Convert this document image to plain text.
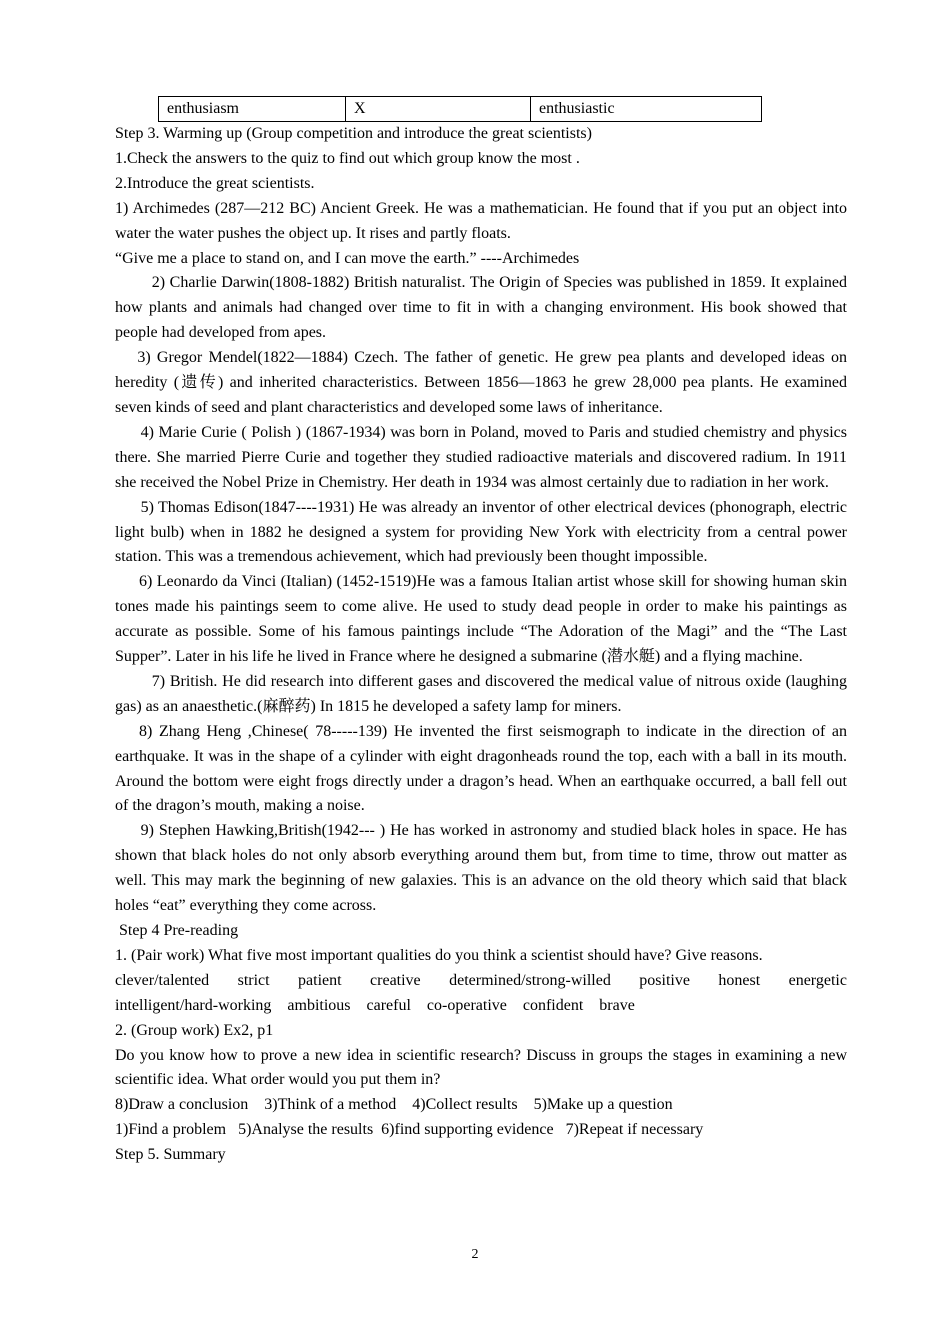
enthusiasm	X	enthusiastic

Step 3. Warming up (Group competition and introduce the great scientists)

1.Check the answers to the quiz to find out which group know the most .

2.Introduce the great scientists.

1) Archimedes (287—212 BC) Ancient Greek. He was a mathematician. He found that if you put an object into water the water pushes the object up. It rises and partly floats.

“Give me a place to stand on, and I can move the earth.” ----Archimedes

2) Charlie Darwin(1808-1882) British naturalist. The Origin of Species was published in 1859. It explained how plants and animals had changed over time to fit in with a changing environment. His book showed that people had developed from apes.

3) Gregor Mendel(1822—1884) Czech. The father of genetic. He grew pea plants and developed ideas on heredity (遗传) and inherited characteristics. Between 1856—1863 he grew 28,000 pea plants. He examined seven kinds of seed and plant characteristics and developed some laws of inheritance.

4) Marie Curie ( Polish ) (1867-1934) was born in Poland, moved to Paris and studied chemistry and physics there. She married Pierre Curie and together they studied radioactive materials and discovered radium. In 1911 she received the Nobel Prize in Chemistry. Her death in 1934 was almost certainly due to radiation in her work.

5) Thomas Edison(1847----1931) He was already an inventor of other electrical devices (phonograph, electric light bulb) when in 1882 he designed a system for providing New York with electricity from a central power station. This was a tremendous achievement, which had previously been thought impossible.

6) Leonardo da Vinci (Italian) (1452-1519)He was a famous Italian artist whose skill for showing human skin tones made his paintings seem to come alive. He used to study dead people in order to make his paintings as accurate as possible. Some of his famous paintings include “The Adoration of the Magi” and the “The Last Supper”. Later in his life he lived in France where he designed a submarine (潜水艇) and a flying machine.

7) British. He did research into different gases and discovered the medical value of nitrous oxide (laughing gas) as an anaesthetic.(麻醉药) In 1815 he developed a safety lamp for miners.

8) Zhang Heng ,Chinese( 78-----139) He invented the first seismograph to indicate in the direction of an earthquake. It was in the shape of a cylinder with eight dragonheads round the top, each with a ball in its mouth. Around the bottom were eight frogs directly under a dragon’s head. When an earthquake occurred, a ball fell out of the dragon’s mouth, making a noise.

9) Stephen Hawking,British(1942--- ) He has worked in astronomy and studied black holes in space. He has shown that black holes do not only absorb everything around them but, from time to time, throw out matter as well. This may mark the beginning of new galaxies. This is an advance on the old theory which said that black holes “eat” everything they come across.

Step 4 Pre-reading

1. (Pair work) What five most important qualities do you think a scientist should have? Give reasons.

clever/talented strict patient creative determined/strong-willed positive honest energetic

intelligent/hard-working ambitious careful co-operative confident brave

2. (Group work) Ex2, p1

Do you know how to prove a new idea in scientific research? Discuss in groups the stages in examining a new scientific idea. What order would you put them in?

8)Draw a conclusion 3)Think of a method 4)Collect results 5)Make up a question

1)Find a problem 5)Analyse the results 6)find supporting evidence 7)Repeat if necessary

Step 5. Summary

2
